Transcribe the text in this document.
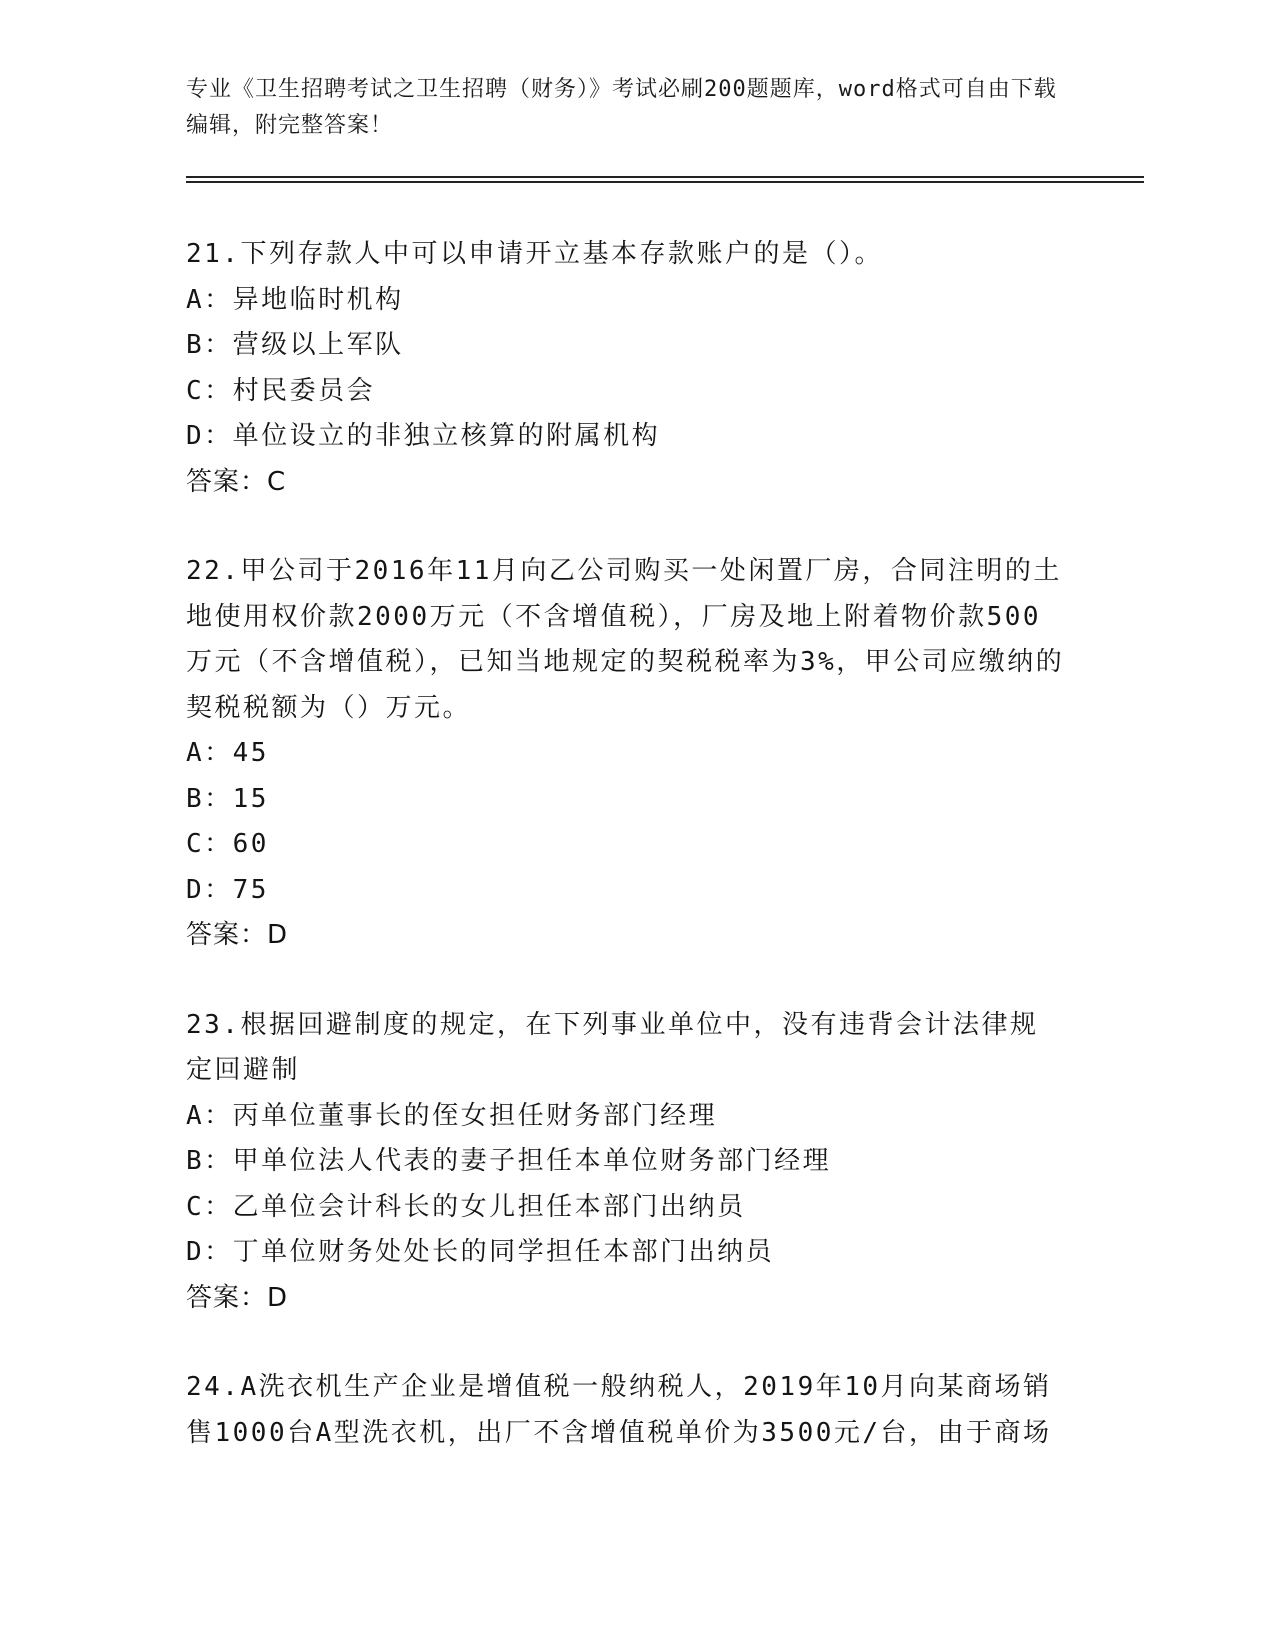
专业《卫生招聘考试之卫生招聘（财务）》考试必刷200题题库，word格式可自由下载编辑，附完整答案！

21.下列存款人中可以申请开立基本存款账户的是（）。

A：异地临时机构

B：营级以上军队

C：村民委员会

D：单位设立的非独立核算的附属机构

答案：C

22.甲公司于2016年11月向乙公司购买一处闲置厂房，合同注明的土地使用权价款2000万元（不含增值税），厂房及地上附着物价款500万元（不含增值税），已知当地规定的契税税率为3%，甲公司应缴纳的契税税额为（）万元。

A：45

B：15

C：60

D：75

答案：D

23.根据回避制度的规定，在下列事业单位中，没有违背会计法律规定回避制

A：丙单位董事长的侄女担任财务部门经理

B：甲单位法人代表的妻子担任本单位财务部门经理

C：乙单位会计科长的女儿担任本部门出纳员

D：丁单位财务处处长的同学担任本部门出纳员

答案：D

24.A洗衣机生产企业是增值税一般纳税人，2019年10月向某商场销售1000台A型洗衣机，出厂不含增值税单价为3500元/台，由于商场
